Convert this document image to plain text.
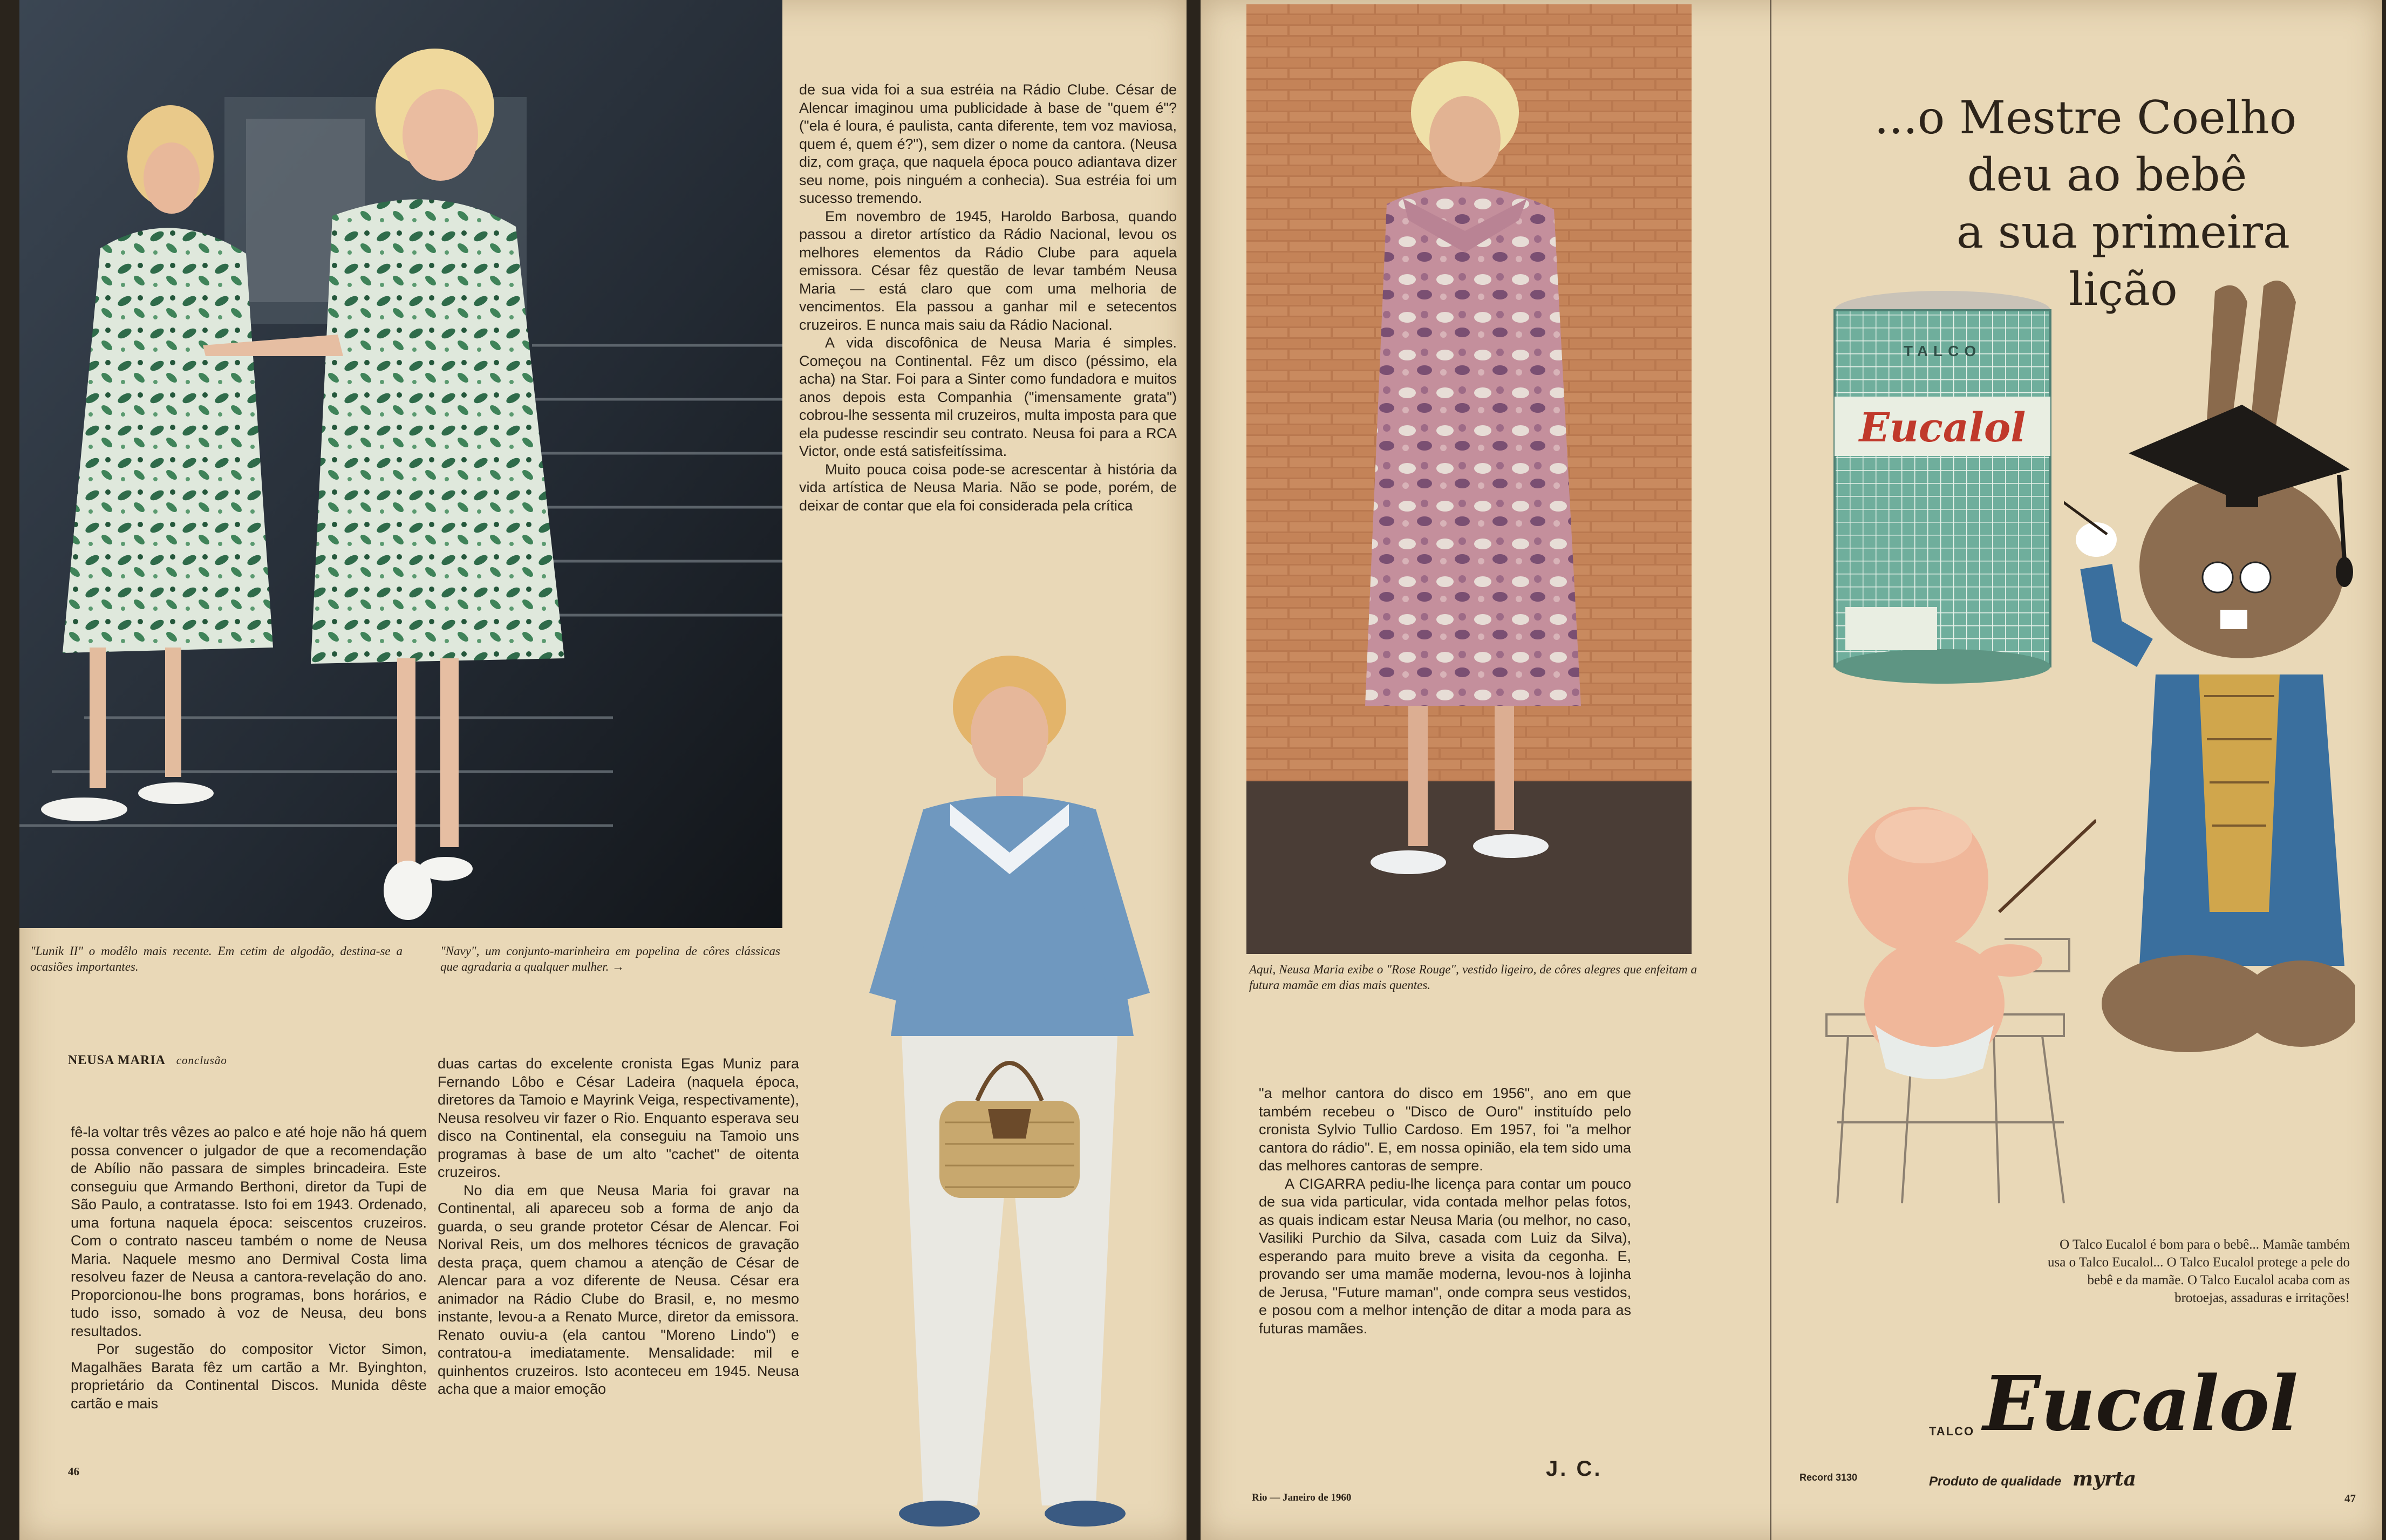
"Lunik II" o modêlo mais recente. Em cetim de algodão, destina-se a ocasiões importantes.
"Navy", um conjunto-marinheira em popelina de côres clássicas que agradaria a qualquer mulher. →

de sua vida foi a sua estréia na Rádio Clube. César de Alencar imaginou uma publicidade à base de "quem é"? ("ela é loura, é paulista, canta diferente, tem voz maviosa, quem é, quem é?"), sem dizer o nome da cantora. (Neusa diz, com graça, que naquela época pouco adiantava dizer seu nome, pois ninguém a conhecia). Sua estréia foi um sucesso tremendo.

Em novembro de 1945, Haroldo Barbosa, quando passou a diretor artístico da Rádio Nacional, levou os melhores elementos da Rádio Clube para aquela emissora. César fêz questão de levar também Neusa Maria — está claro que com uma melhoria de vencimentos. Ela passou a ganhar mil e setecentos cruzeiros. E nunca mais saiu da Rádio Nacional.

A vida discofônica de Neusa Maria é simples. Começou na Continental. Fêz um disco (péssimo, ela acha) na Star. Foi para a Sinter como fundadora e muitos anos depois esta Companhia ("imensamente grata") cobrou-lhe sessenta mil cruzeiros, multa imposta para que ela pudesse rescindir seu contrato. Neusa foi para a RCA Victor, onde está satisfeitíssima.

Muito pouca coisa pode-se acrescentar à história da vida artística de Neusa Maria. Não se pode, porém, de deixar de contar que ela foi considerada pela crítica

NEUSA MARIA conclusão

fê-la voltar três vêzes ao palco e até hoje não há quem possa convencer o julgador de que a recomendação de Abílio não passara de simples brincadeira. Este conseguiu que Armando Berthoni, diretor da Tupi de São Paulo, a contratasse. Isto foi em 1943. Ordenado, uma fortuna naquela época: seiscentos cruzeiros. Com o contrato nasceu também o nome de Neusa Maria. Naquele mesmo ano Dermival Costa lima resolveu fazer de Neusa a cantora-revelação do ano. Proporcionou-lhe bons programas, bons horários, e tudo isso, somado à voz de Neusa, deu bons resultados.

Por sugestão do compositor Victor Simon, Magalhães Barata fêz um cartão a Mr. Byinghton, proprietário da Continental Discos. Munida dêste cartão e mais

duas cartas do excelente cronista Egas Muniz para Fernando Lôbo e César Ladeira (naquela época, diretores da Tamoio e Mayrink Veiga, respectivamente), Neusa resolveu vir fazer o Rio. Enquanto esperava seu disco na Continental, ela conseguiu na Tamoio uns programas à base de um alto "cachet" de oitenta cruzeiros.

No dia em que Neusa Maria foi gravar na Continental, ali apareceu sob a forma de anjo da guarda, o seu grande protetor César de Alencar. Foi Norival Reis, um dos melhores técnicos de gravação desta praça, quem chamou a atenção de César de Alencar para a voz diferente de Neusa. César era animador na Rádio Clube do Brasil, e, no mesmo instante, levou-a a Renato Murce, diretor da emissora. Renato ouviu-a (ela cantou "Moreno Lindo") e contratou-a imediatamente. Mensalidade: mil e quinhentos cruzeiros. Isto aconteceu em 1945. Neusa acha que a maior emoção

46
Aqui, Neusa Maria exibe o "Rose Rouge", vestido ligeiro, de côres alegres que enfeitam a futura mamãe em dias mais quentes.

"a melhor cantora do disco em 1956", ano em que também recebeu o "Disco de Ouro" instituído pelo cronista Sylvio Tullio Cardoso. Em 1957, foi "a melhor cantora do rádio". E, em nossa opinião, ela tem sido uma das melhores cantoras de sempre.

A CIGARRA pediu-lhe licença para contar um pouco de sua vida particular, vida contada melhor pelas fotos, as quais indicam estar Neusa Maria (ou melhor, no caso, Vasiliki Purchio da Silva, casada com Luiz da Silva), esperando para muito breve a visita da cegonha. E, provando ser uma mamãe moderna, levou-nos à lojinha de Jerusa, "Future maman", onde compra seus vestidos, e posou com a melhor intenção de ditar a moda para as futuras mamães.

J. C.
Rio — Janeiro de 1960
...o Mestre Coelho
deu ao bebê
a sua primeira lição
TALCO
Eucalol
O Talco Eucalol é bom para o bebê... Mamãe também usa o Talco Eucalol... O Talco Eucalol protege a pele do bebê e da mamãe. O Talco Eucalol acaba com as brotoejas, assaduras e irritações!
TALCO Eucalol
Produto de qualidade myrta
Record 3130
47
